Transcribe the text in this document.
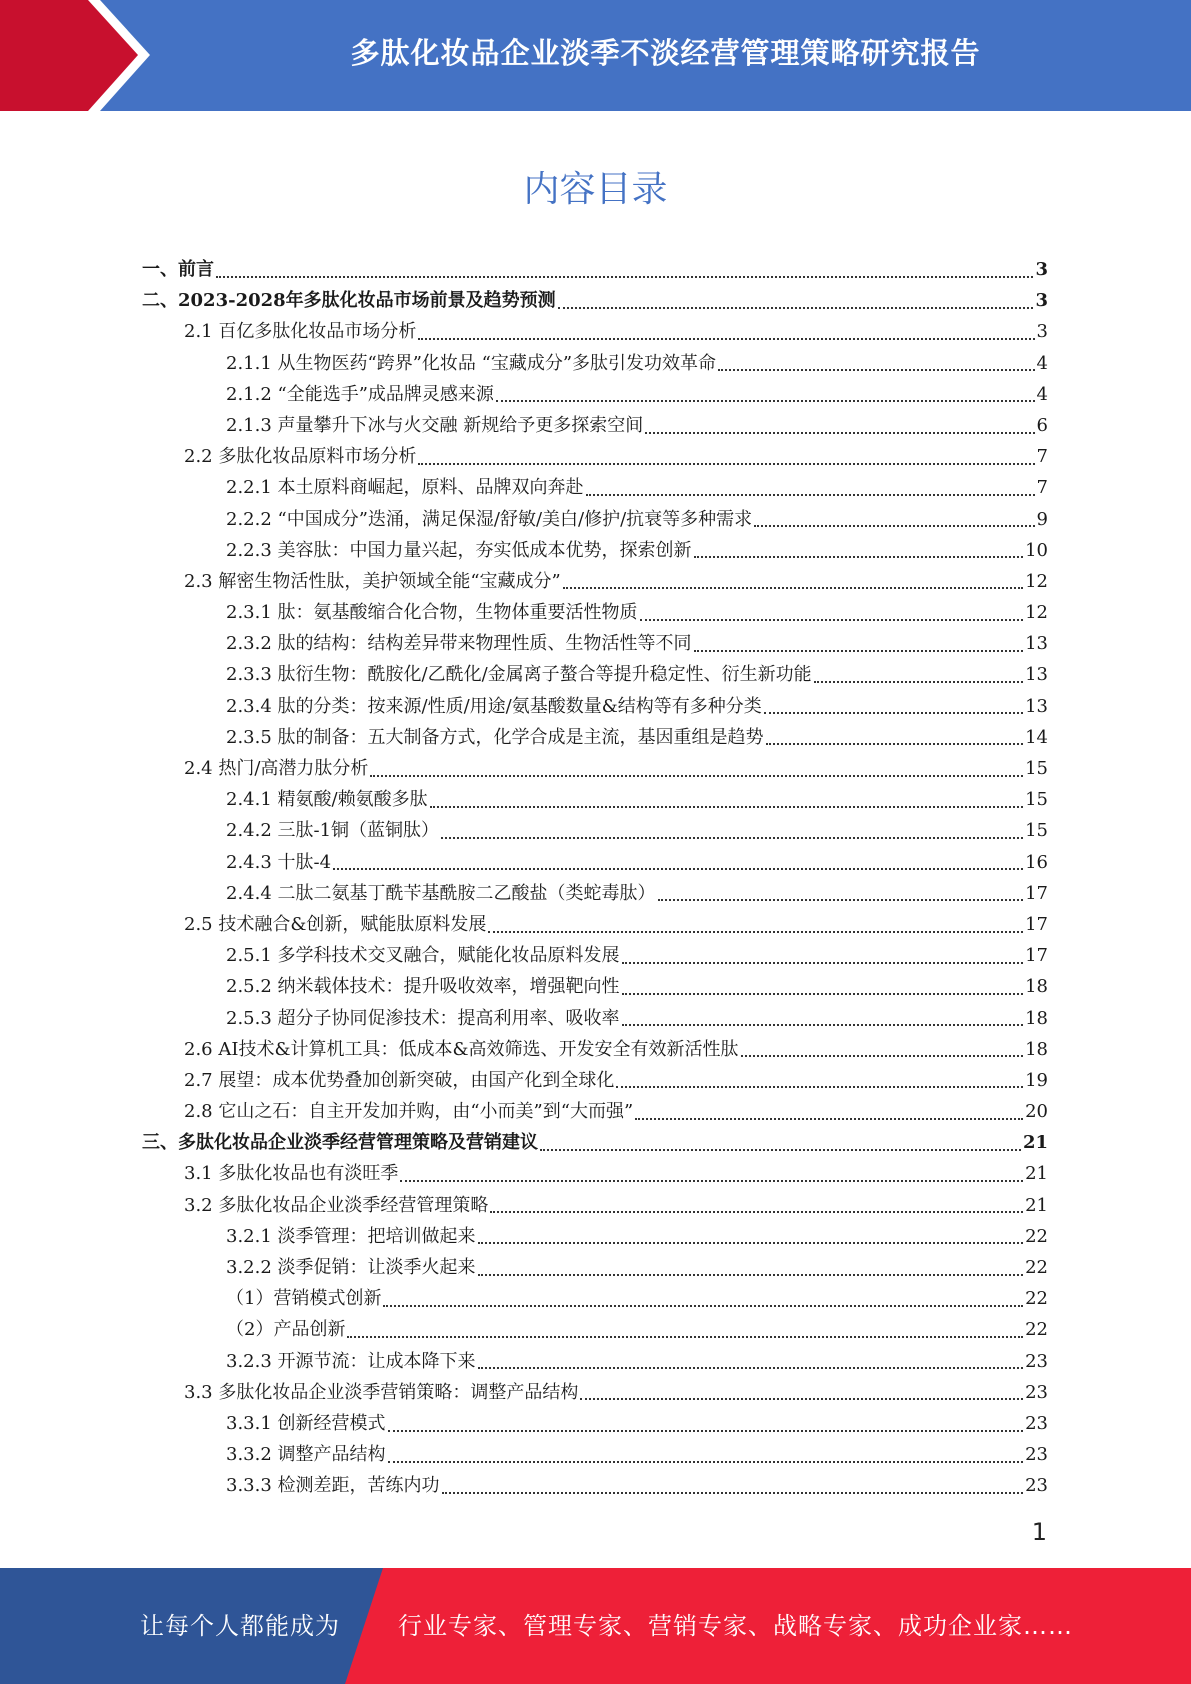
多肽化妆品企业淡季不淡经营管理策略研究报告
内容目录
一、前言	3
二、2023-2028年多肽化妆品市场前景及趋势预测	3
2.1 百亿多肽化妆品市场分析	3
2.1.1 从生物医药“跨界”化妆品 “宝藏成分”多肽引发功效革命	4
2.1.2 “全能选手”成品牌灵感来源	4
2.1.3 声量攀升下冰与火交融 新规给予更多探索空间	6
2.2 多肽化妆品原料市场分析	7
2.2.1 本土原料商崛起，原料、品牌双向奔赴	7
2.2.2 “中国成分”迭涌，满足保湿/舒敏/美白/修护/抗衰等多种需求	9
2.2.3 美容肽：中国力量兴起，夯实低成本优势，探索创新	10
2.3 解密生物活性肽，美护领域全能“宝藏成分”	12
2.3.1 肽：氨基酸缩合化合物，生物体重要活性物质	12
2.3.2 肽的结构：结构差异带来物理性质、生物活性等不同	13
2.3.3 肽衍生物：酰胺化/乙酰化/金属离子螯合等提升稳定性、衍生新功能	13
2.3.4 肽的分类：按来源/性质/用途/氨基酸数量&结构等有多种分类	13
2.3.5 肽的制备：五大制备方式，化学合成是主流，基因重组是趋势	14
2.4 热门/高潜力肽分析	15
2.4.1 精氨酸/赖氨酸多肽	15
2.4.2 三肽-1铜（蓝铜肽）	15
2.4.3 十肽-4	16
2.4.4 二肽二氨基丁酰苄基酰胺二乙酸盐（类蛇毒肽）	17
2.5 技术融合&创新，赋能肽原料发展	17
2.5.1 多学科技术交叉融合，赋能化妆品原料发展	17
2.5.2 纳米载体技术：提升吸收效率，增强靶向性	18
2.5.3 超分子协同促渗技术：提高利用率、吸收率	18
2.6 AI技术&计算机工具：低成本&高效筛选、开发安全有效新活性肽	18
2.7 展望：成本优势叠加创新突破，由国产化到全球化	19
2.8 它山之石：自主开发加并购，由“小而美”到“大而强”	20
三、多肽化妆品企业淡季经营管理策略及营销建议	21
3.1 多肽化妆品也有淡旺季	21
3.2 多肽化妆品企业淡季经营管理策略	21
3.2.1 淡季管理：把培训做起来	22
3.2.2 淡季促销：让淡季火起来	22
（1）营销模式创新	22
（2）产品创新	22
3.2.3 开源节流：让成本降下来	23
3.3 多肽化妆品企业淡季营销策略：调整产品结构	23
3.3.1 创新经营模式	23
3.3.2 调整产品结构	23
3.3.3 检测差距，苦练内功	23
1
让每个人都能成为 行业专家、管理专家、营销专家、战略专家、成功企业家……
